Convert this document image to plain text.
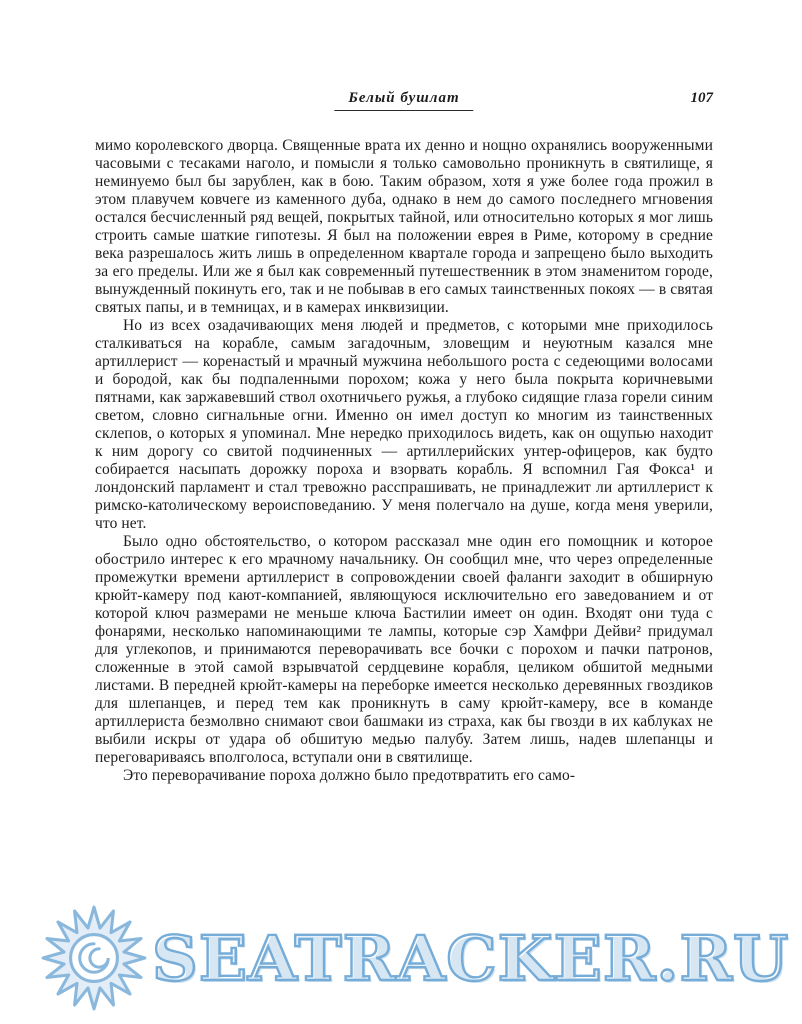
Белый бушлат	107

мимо королевского дворца. Священные врата их денно и нощно охранялись вооруженными часовыми с тесаками наголо, и помысли я только самовольно проникнуть в святилище, я неминуемо был бы зарублен, как в бою. Таким образом, хотя я уже более года прожил в этом плавучем ковчеге из каменного дуба, однако в нем до самого последнего мгновения остался бесчисленный ряд вещей, покрытых тайной, или относительно которых я мог лишь строить самые шаткие гипотезы. Я был на положении еврея в Риме, которому в средние века разрешалось жить лишь в определенном квартале города и запрещено было выходить за его пределы. Или же я был как современный путешественник в этом знаменитом городе, вынужденный покинуть его, так и не побывав в его самых таинственных покоях — в святая святых папы, и в темницах, и в камерах инквизиции.

Но из всех озадачивающих меня людей и предметов, с которыми мне приходилось сталкиваться на корабле, самым загадочным, зловещим и неуютным казался мне артиллерист — коренастый и мрачный мужчина небольшого роста с седеющими волосами и бородой, как бы подпаленными порохом; кожа у него была покрыта коричневыми пятнами, как заржавевший ствол охотничьего ружья, а глубоко сидящие глаза горели синим светом, словно сигнальные огни. Именно он имел доступ ко многим из таинственных склепов, о которых я упоминал. Мне нередко приходилось видеть, как он ощупью находит к ним дорогу со свитой подчиненных — артиллерийских унтер-офицеров, как будто собирается насыпать дорожку пороха и взорвать корабль. Я вспомнил Гая Фокса¹ и лондонский парламент и стал тревожно расспрашивать, не принадлежит ли артиллерист к римско-католическому вероисповеданию. У меня полегчало на душе, когда меня уверили, что нет.

Было одно обстоятельство, о котором рассказал мне один его помощник и которое обострило интерес к его мрачному начальнику. Он сообщил мне, что через определенные промежутки времени артиллерист в сопровождении своей фаланги заходит в обширную крюйт-камеру под кают-компанией, являющуюся исключительно его заведованием и от которой ключ размерами не меньше ключа Бастилии имеет он один. Входят они туда с фонарями, несколько напоминающими те лампы, которые сэр Хамфри Дейви² придумал для углекопов, и принимаются переворачивать все бочки с порохом и пачки патронов, сложенные в этой самой взрывчатой сердцевине корабля, целиком обшитой медными листами. В передней крюйт-камеры на переборке имеется несколько деревянных гвоздиков для шлепанцев, и перед тем как проникнуть в саму крюйт-камеру, все в команде артиллериста безмолвно снимают свои башмаки из страха, как бы гвозди в их каблуках не выбили искры от удара об обшитую медью палубу. Затем лишь, надев шлепанцы и переговариваясь вполголоса, вступали они в святилище.

Это переворачивание пороха должно было предотвратить его само-

SEATRACKER.RU
